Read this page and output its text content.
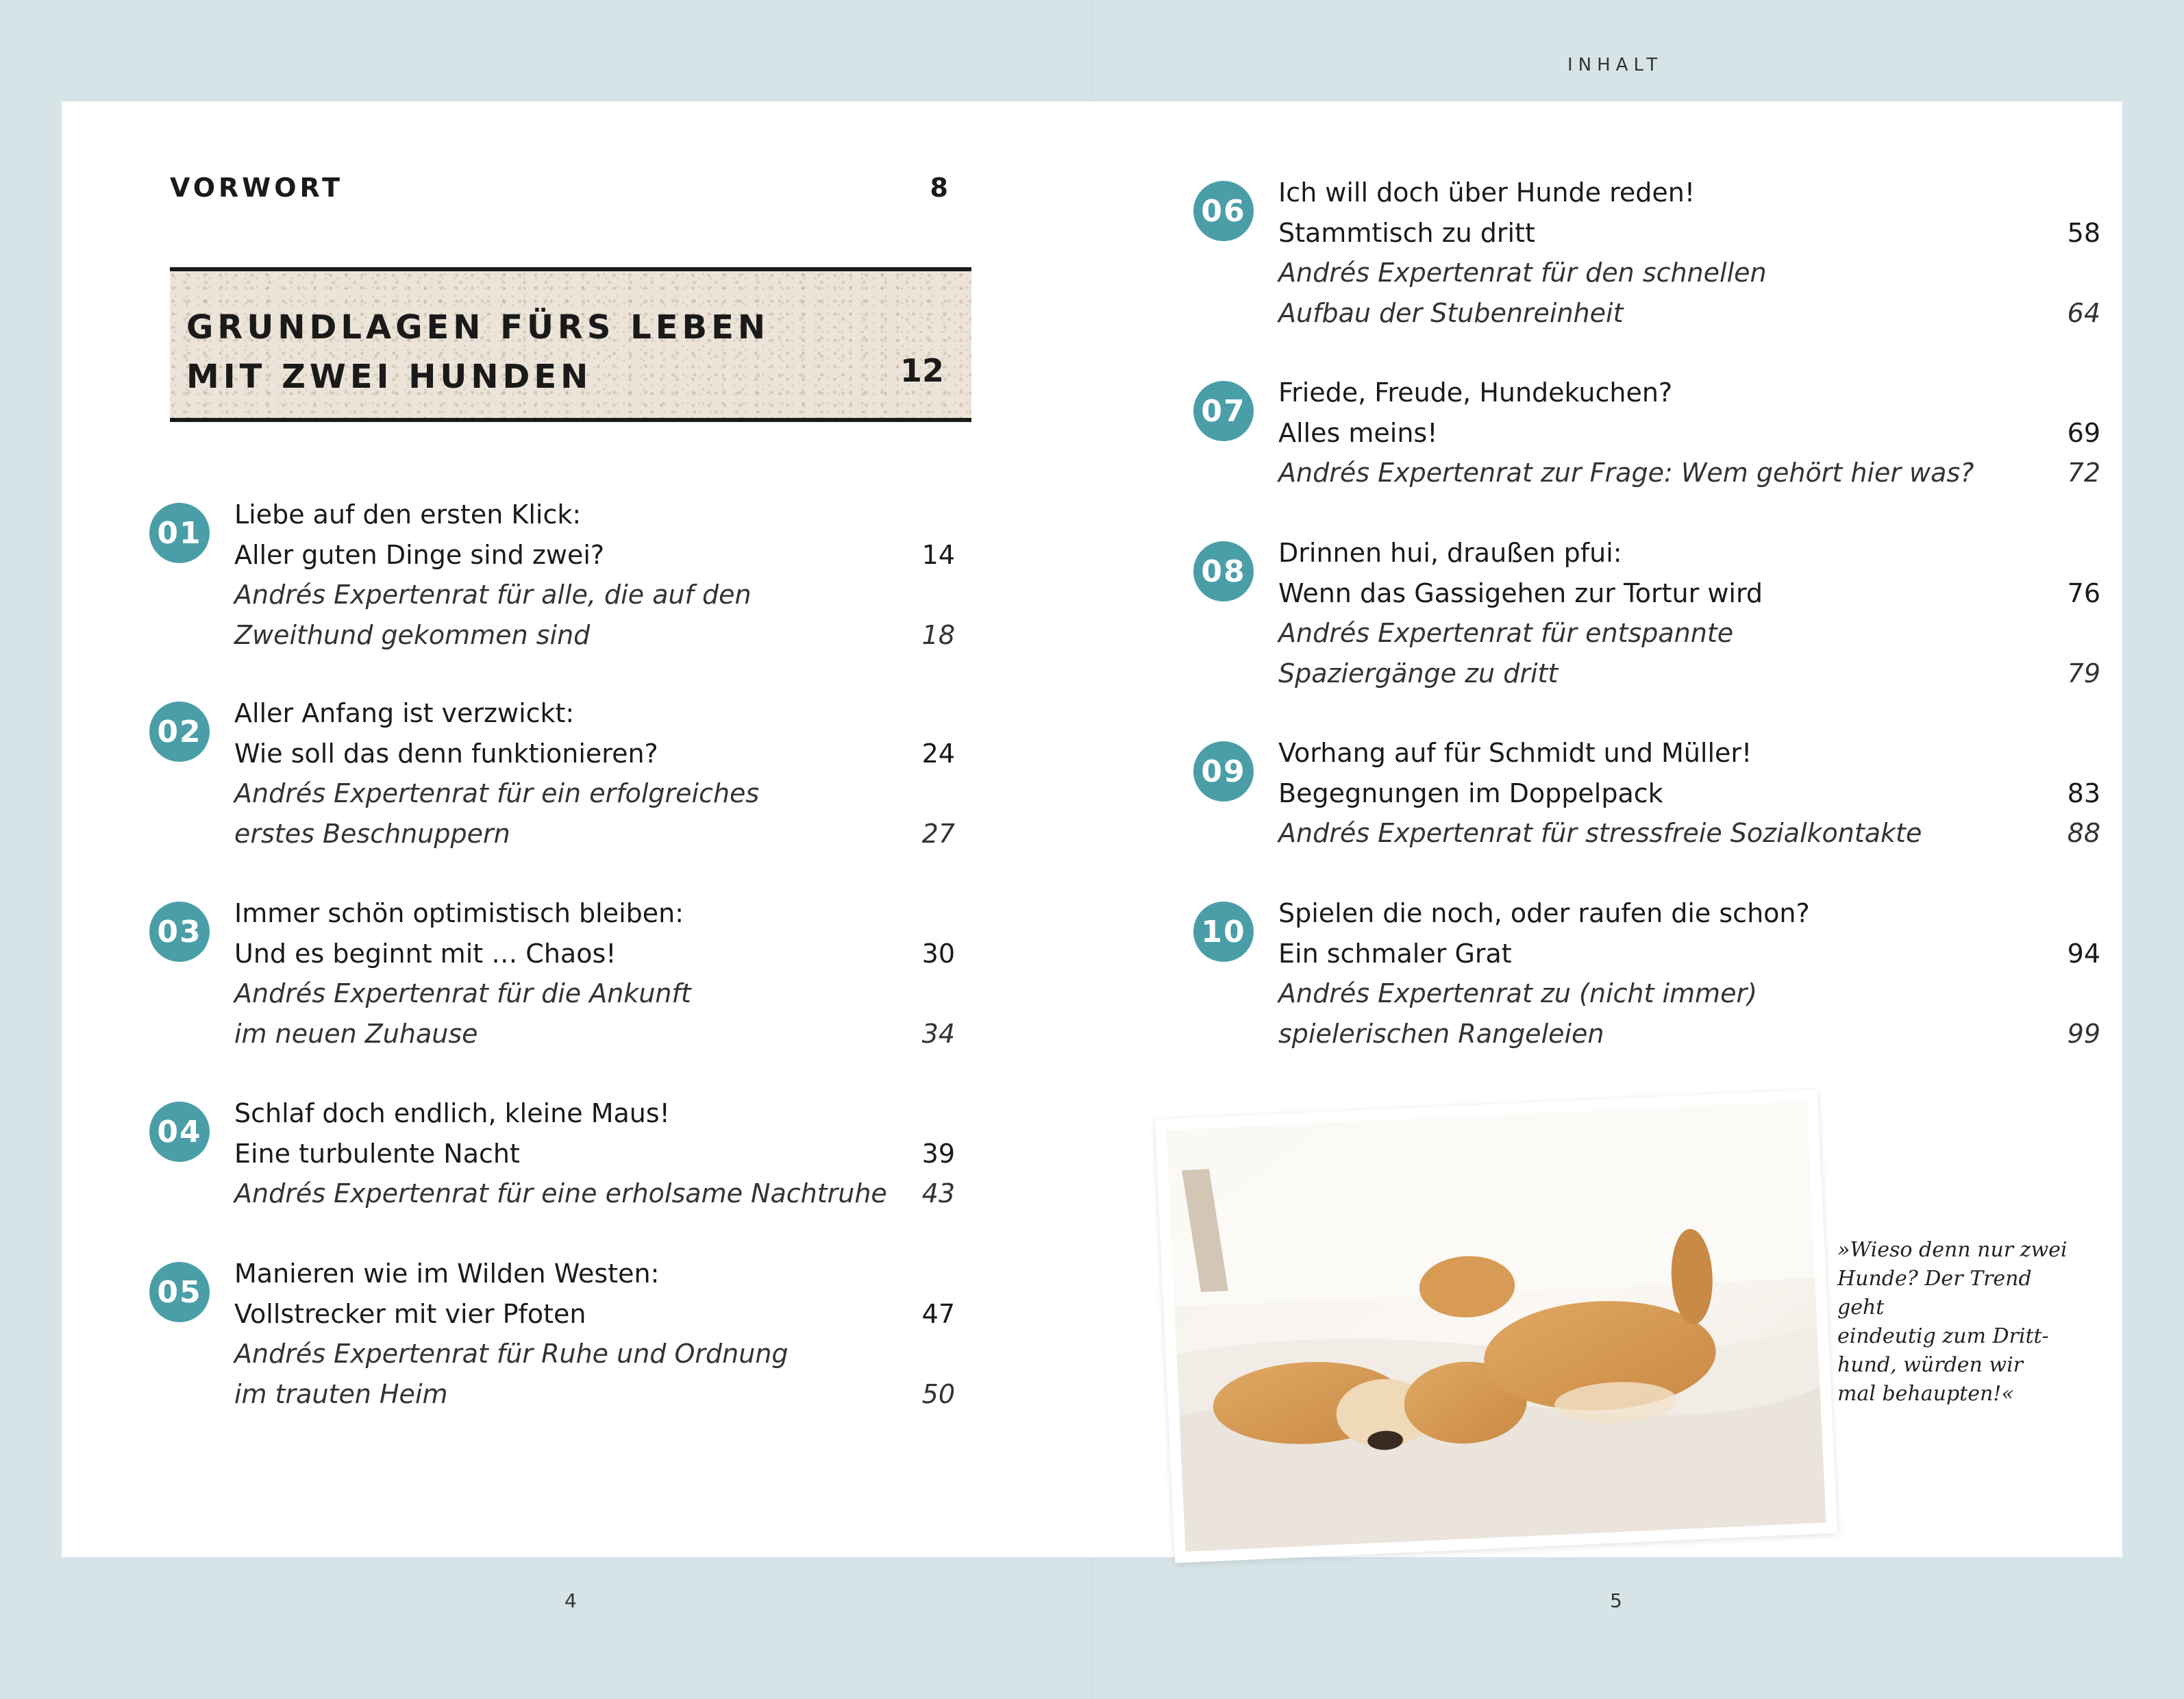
INHALT
VORWORT	8
GRUNDLAGEN FÜRS LEBEN
MIT ZWEI HUNDEN	12
01
Liebe auf den ersten Klick:
Aller guten Dinge sind zwei?	14
Andrés Expertenrat für alle, die auf den
Zweithund gekommen sind	18
02
Aller Anfang ist verzwickt:
Wie soll das denn funktionieren?	24
Andrés Expertenrat für ein erfolgreiches
erstes Beschnuppern	27
03
Immer schön optimistisch bleiben:
Und es beginnt mit … Chaos!	30
Andrés Expertenrat für die Ankunft
im neuen Zuhause	34
04
Schlaf doch endlich, kleine Maus!
Eine turbulente Nacht	39
Andrés Expertenrat für eine erholsame Nachtruhe	43
05
Manieren wie im Wilden Westen:
Vollstrecker mit vier Pfoten	47
Andrés Expertenrat für Ruhe und Ordnung
im trauten Heim	50
06
Ich will doch über Hunde reden!
Stammtisch zu dritt	58
Andrés Expertenrat für den schnellen
Aufbau der Stubenreinheit	64
07
Friede, Freude, Hundekuchen?
Alles meins!	69
Andrés Expertenrat zur Frage: Wem gehört hier was?	72
08
Drinnen hui, draußen pfui:
Wenn das Gassigehen zur Tortur wird	76
Andrés Expertenrat für entspannte
Spaziergänge zu dritt	79
09
Vorhang auf für Schmidt und Müller!
Begegnungen im Doppelpack	83
Andrés Expertenrat für stressfreie Sozialkontakte	88
10
Spielen die noch, oder raufen die schon?
Ein schmaler Grat	94
Andrés Expertenrat zu (nicht immer)
spielerischen Rangeleien	99
»Wieso denn nur zwei
Hunde? Der Trend geht
eindeutig zum Dritt-
hund, würden wir
mal behaupten!«
4	5
